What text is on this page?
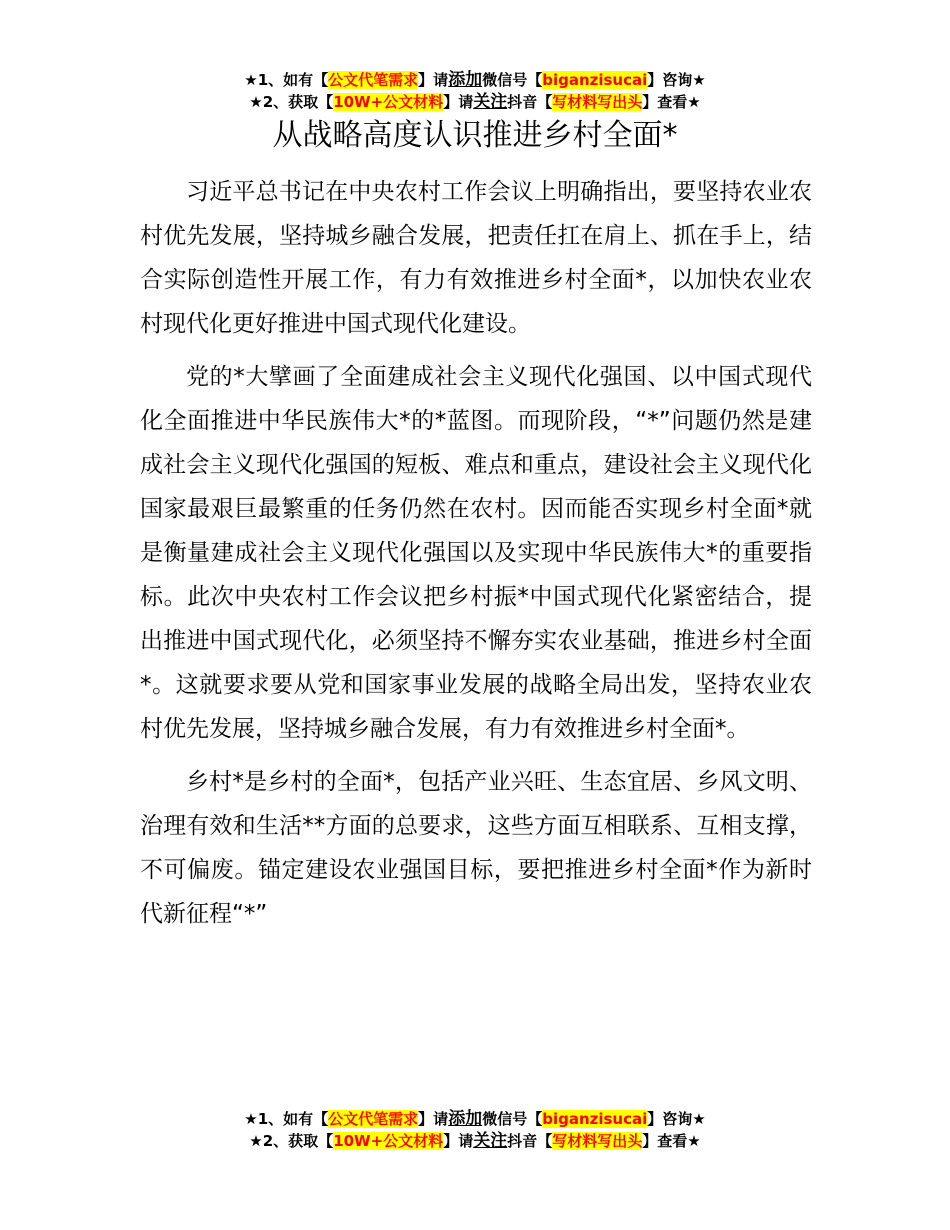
★1、如有【公文代笔需求】请添加微信号【biganzisucai】咨询★
★2、获取【10W+公文材料】请关注抖音【写材料写出头】查看★
从战略高度认识推进乡村全面*

习近平总书记在中央农村工作会议上明确指出，要坚持农业农村优先发展，坚持城乡融合发展，把责任扛在肩上、抓在手上，结合实际创造性开展工作，有力有效推进乡村全面*，以加快农业农村现代化更好推进中国式现代化建设。

党的*大擘画了全面建成社会主义现代化强国、以中国式现代化全面推进中华民族伟大*的*蓝图。而现阶段，“*”问题仍然是建成社会主义现代化强国的短板、难点和重点，建设社会主义现代化国家最艰巨最繁重的任务仍然在农村。因而能否实现乡村全面*就是衡量建成社会主义现代化强国以及实现中华民族伟大*的重要指标。此次中央农村工作会议把乡村振*中国式现代化紧密结合，提出推进中国式现代化，必须坚持不懈夯实农业基础，推进乡村全面*。这就要求要从党和国家事业发展的战略全局出发，坚持农业农村优先发展，坚持城乡融合发展，有力有效推进乡村全面*。

乡村*是乡村的全面*，包括产业兴旺、生态宜居、乡风文明、治理有效和生活**方面的总要求，这些方面互相联系、互相支撑，不可偏废。锚定建设农业强国目标，要把推进乡村全面*作为新时代新征程“*”

★1、如有【公文代笔需求】请添加微信号【biganzisucai】咨询★
★2、获取【10W+公文材料】请关注抖音【写材料写出头】查看★
